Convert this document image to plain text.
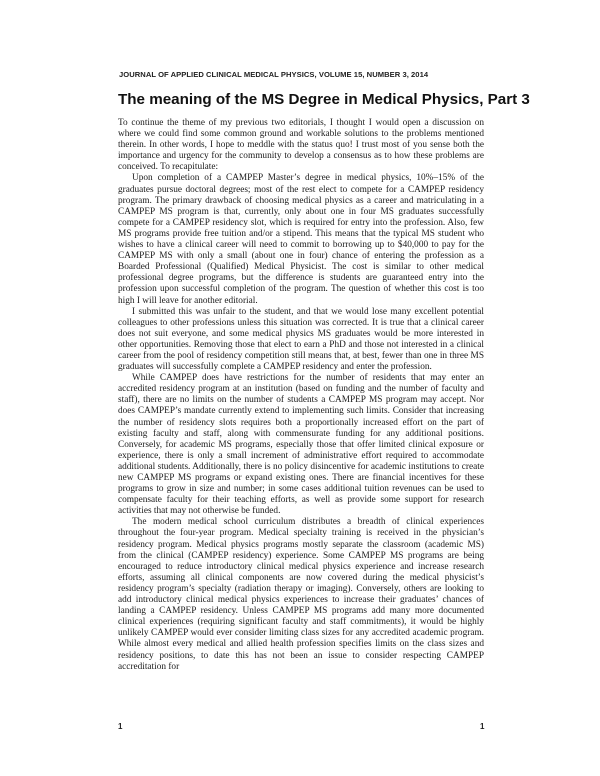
JOURNAL OF APPLIED CLINICAL MEDICAL PHYSICS, VOLUME 15, NUMBER 3, 2014
The meaning of the MS Degree in Medical Physics, Part 3

To continue the theme of my previous two editorials, I thought I would open a discussion on where we could find some common ground and workable solutions to the problems mentioned therein. In other words, I hope to meddle with the status quo! I trust most of you sense both the importance and urgency for the community to develop a consensus as to how these problems are conceived. To recapitulate:

Upon completion of a CAMPEP Master’s degree in medical physics, 10%–15% of the graduates pursue doctoral degrees; most of the rest elect to compete for a CAMPEP residency program. The primary drawback of choosing medical physics as a career and matriculating in a CAMPEP MS program is that, currently, only about one in four MS graduates successfully compete for a CAMPEP residency slot, which is required for entry into the profession. Also, few MS programs provide free tuition and/or a stipend. This means that the typical MS student who wishes to have a clinical career will need to commit to borrowing up to $40,000 to pay for the CAMPEP MS with only a small (about one in four) chance of entering the profession as a Boarded Professional (Qualified) Medical Physicist. The cost is similar to other medical professional degree programs, but the difference is students are guaranteed entry into the profession upon successful completion of the program. The question of whether this cost is too high I will leave for another editorial.

I submitted this was unfair to the student, and that we would lose many excellent potential colleagues to other professions unless this situation was corrected. It is true that a clinical career does not suit everyone, and some medical physics MS graduates would be more interested in other opportunities. Removing those that elect to earn a PhD and those not interested in a clinical career from the pool of residency competition still means that, at best, fewer than one in three MS graduates will successfully complete a CAMPEP residency and enter the profession.

While CAMPEP does have restrictions for the number of residents that may enter an accredited residency program at an institution (based on funding and the number of faculty and staff), there are no limits on the number of students a CAMPEP MS program may accept. Nor does CAMPEP’s mandate currently extend to implementing such limits. Consider that increasing the number of residency slots requires both a proportionally increased effort on the part of existing faculty and staff, along with commensurate funding for any additional positions. Conversely, for academic MS programs, especially those that offer limited clinical exposure or experience, there is only a small increment of administrative effort required to accommodate additional students. Additionally, there is no policy disincentive for academic institutions to create new CAMPEP MS programs or expand existing ones. There are financial incentives for these programs to grow in size and number; in some cases additional tuition revenues can be used to compensate faculty for their teaching efforts, as well as provide some support for research activities that may not otherwise be funded.

The modern medical school curriculum distributes a breadth of clinical experiences throughout the four-year program. Medical specialty training is received in the physician’s residency program. Medical physics programs mostly separate the classroom (academic MS) from the clinical (CAMPEP residency) experience. Some CAMPEP MS programs are being encouraged to reduce introductory clinical medical physics experience and increase research efforts, assuming all clinical components are now covered during the medical physicist’s residency program’s specialty (radiation therapy or imaging). Conversely, others are looking to add introductory clinical medical physics experiences to increase their graduates’ chances of landing a CAMPEP residency. Unless CAMPEP MS programs add many more documented clinical experiences (requiring significant faculty and staff commitments), it would be highly unlikely CAMPEP would ever consider limiting class sizes for any accredited academic program. While almost every medical and allied health profession specifies limits on the class sizes and residency positions, to date this has not been an issue to consider respecting CAMPEP accreditation for

1	1
